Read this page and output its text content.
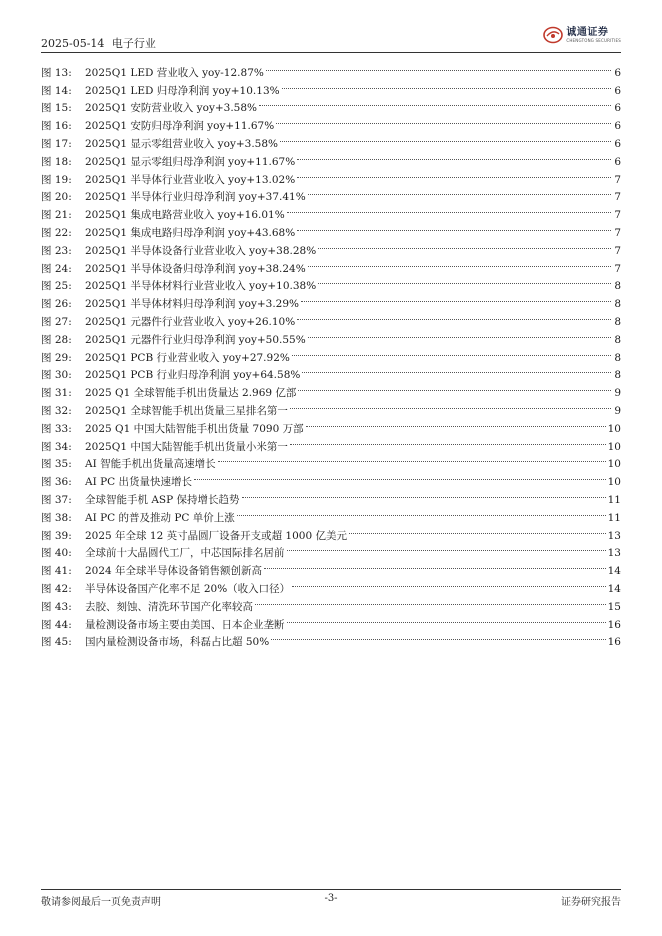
2025-05-14 电子行业
诚通证券
CHENGTONG SECURITIES
图 13:	2025Q1 LED 营业收入 yoy-12.87%	6
图 14:	2025Q1 LED 归母净利润 yoy+10.13%	6
图 15:	2025Q1 安防营业收入 yoy+3.58%	6
图 16:	2025Q1 安防归母净利润 yoy+11.67%	6
图 17:	2025Q1 显示零组营业收入 yoy+3.58%	6
图 18:	2025Q1 显示零组归母净利润 yoy+11.67%	6
图 19:	2025Q1 半导体行业营业收入 yoy+13.02%	7
图 20:	2025Q1 半导体行业归母净利润 yoy+37.41%	7
图 21:	2025Q1 集成电路营业收入 yoy+16.01%	7
图 22:	2025Q1 集成电路归母净利润 yoy+43.68%	7
图 23:	2025Q1 半导体设备行业营业收入 yoy+38.28%	7
图 24:	2025Q1 半导体设备归母净利润 yoy+38.24%	7
图 25:	2025Q1 半导体材料行业营业收入 yoy+10.38%	8
图 26:	2025Q1 半导体材料归母净利润 yoy+3.29%	8
图 27:	2025Q1 元器件行业营业收入 yoy+26.10%	8
图 28:	2025Q1 元器件行业归母净利润 yoy+50.55%	8
图 29:	2025Q1 PCB 行业营业收入 yoy+27.92%	8
图 30:	2025Q1 PCB 行业归母净利润 yoy+64.58%	8
图 31:	2025 Q1 全球智能手机出货量达 2.969 亿部	9
图 32:	2025Q1 全球智能手机出货量三星排名第一	9
图 33:	2025 Q1 中国大陆智能手机出货量 7090 万部	10
图 34:	2025Q1 中国大陆智能手机出货量小米第一	10
图 35:	AI 智能手机出货量高速增长	10
图 36:	AI PC 出货量快速增长	10
图 37:	全球智能手机 ASP 保持增长趋势	11
图 38:	AI PC 的普及推动 PC 单价上涨	11
图 39:	2025 年全球 12 英寸晶圆厂设备开支或超 1000 亿美元	13
图 40:	全球前十大晶圆代工厂，中芯国际排名居前	13
图 41:	2024 年全球半导体设备销售额创新高	14
图 42:	半导体设备国产化率不足 20%（收入口径）	14
图 43:	去胶、刻蚀、清洗环节国产化率较高	15
图 44:	量检测设备市场主要由美国、日本企业垄断	16
图 45:	国内量检测设备市场，科磊占比超 50%	16
敬请参阅最后一页免责声明	-3-	证券研究报告
